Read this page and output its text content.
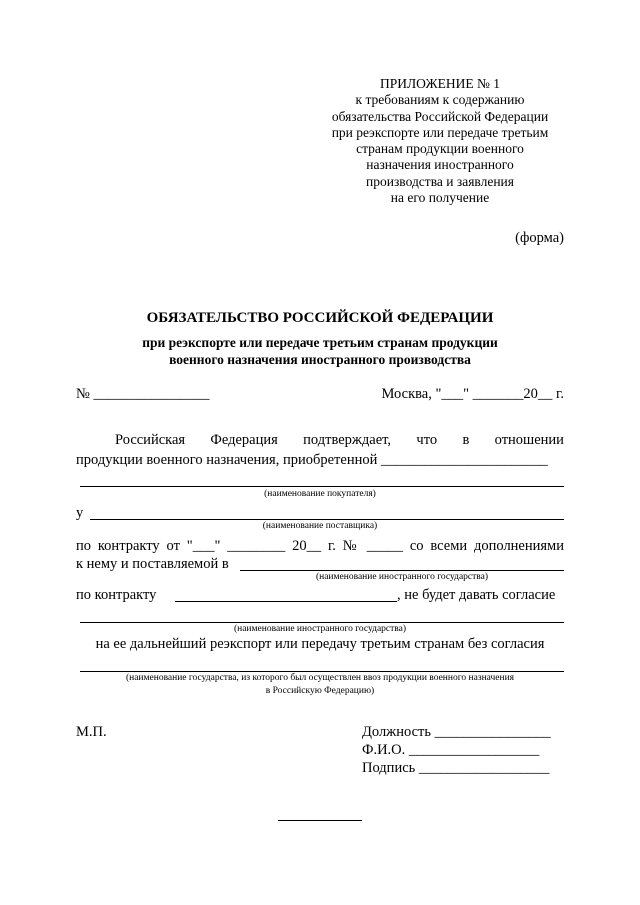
ПРИЛОЖЕНИЕ № 1
к требованиям к содержанию
обязательства Российской Федерации
при реэкспорте или передаче третьим
странам продукции военного
назначения иностранного
производства и заявления
на его получение
(форма)
ОБЯЗАТЕЛЬСТВО РОССИЙСКОЙ ФЕДЕРАЦИИ
при реэкспорте или передаче третьим странам продукции
военного назначения иностранного производства
№ ________________	Москва, "___" _______20__ г.
Российская Федерация подтверждает, что в отношении
продукции военного назначения, приобретенной _______________________
(наименование покупателя)
у
(наименование поставщика)
по контракту от "___" ________ 20__ г. № _____ со всеми дополнениями
к нему и поставляемой в
(наименование иностранного государства)
по контракту	, не будет давать согласие
(наименование иностранного государства)
на ее дальнейший реэкспорт или передачу третьим странам без согласия
(наименование государства, из которого был осуществлен ввоз продукции военного назначения
в Российскую Федерацию)
М.П.	Должность ________________
Ф.И.О. __________________
Подпись __________________
